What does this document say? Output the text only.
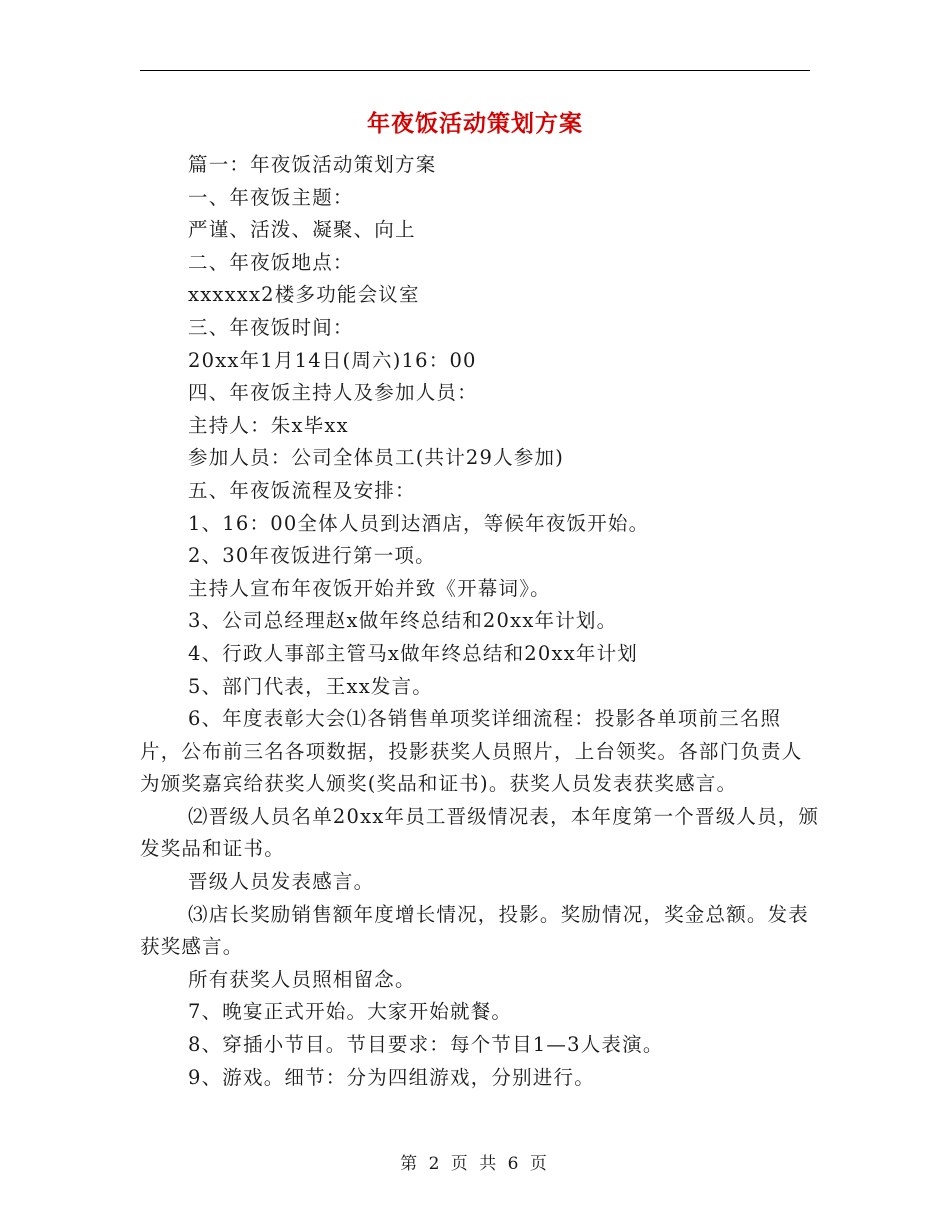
年夜饭活动策划方案

篇一：年夜饭活动策划方案

一、年夜饭主题：

严谨、活泼、凝聚、向上

二、年夜饭地点：

xxxxxx2楼多功能会议室

三、年夜饭时间：

20xx年1月14日(周六)16：00

四、年夜饭主持人及参加人员：

主持人：朱x毕xx

参加人员：公司全体员工(共计29人参加)

五、年夜饭流程及安排：

1、16：00全体人员到达酒店，等候年夜饭开始。

2、30年夜饭进行第一项。

主持人宣布年夜饭开始并致《开幕词》。

3、公司总经理赵x做年终总结和20xx年计划。

4、行政人事部主管马x做年终总结和20xx年计划

5、部门代表，王xx发言。

6、年度表彰大会⑴各销售单项奖详细流程：投影各单项前三名照片，公布前三名各项数据，投影获奖人员照片，上台领奖。各部门负责人为颁奖嘉宾给获奖人颁奖(奖品和证书)。获奖人员发表获奖感言。

⑵晋级人员名单20xx年员工晋级情况表，本年度第一个晋级人员，颁发奖品和证书。

晋级人员发表感言。

⑶店长奖励销售额年度增长情况，投影。奖励情况，奖金总额。发表获奖感言。

所有获奖人员照相留念。

7、晚宴正式开始。大家开始就餐。

8、穿插小节目。节目要求：每个节目1—3人表演。

9、游戏。细节：分为四组游戏，分别进行。

第 2 页 共 6 页
